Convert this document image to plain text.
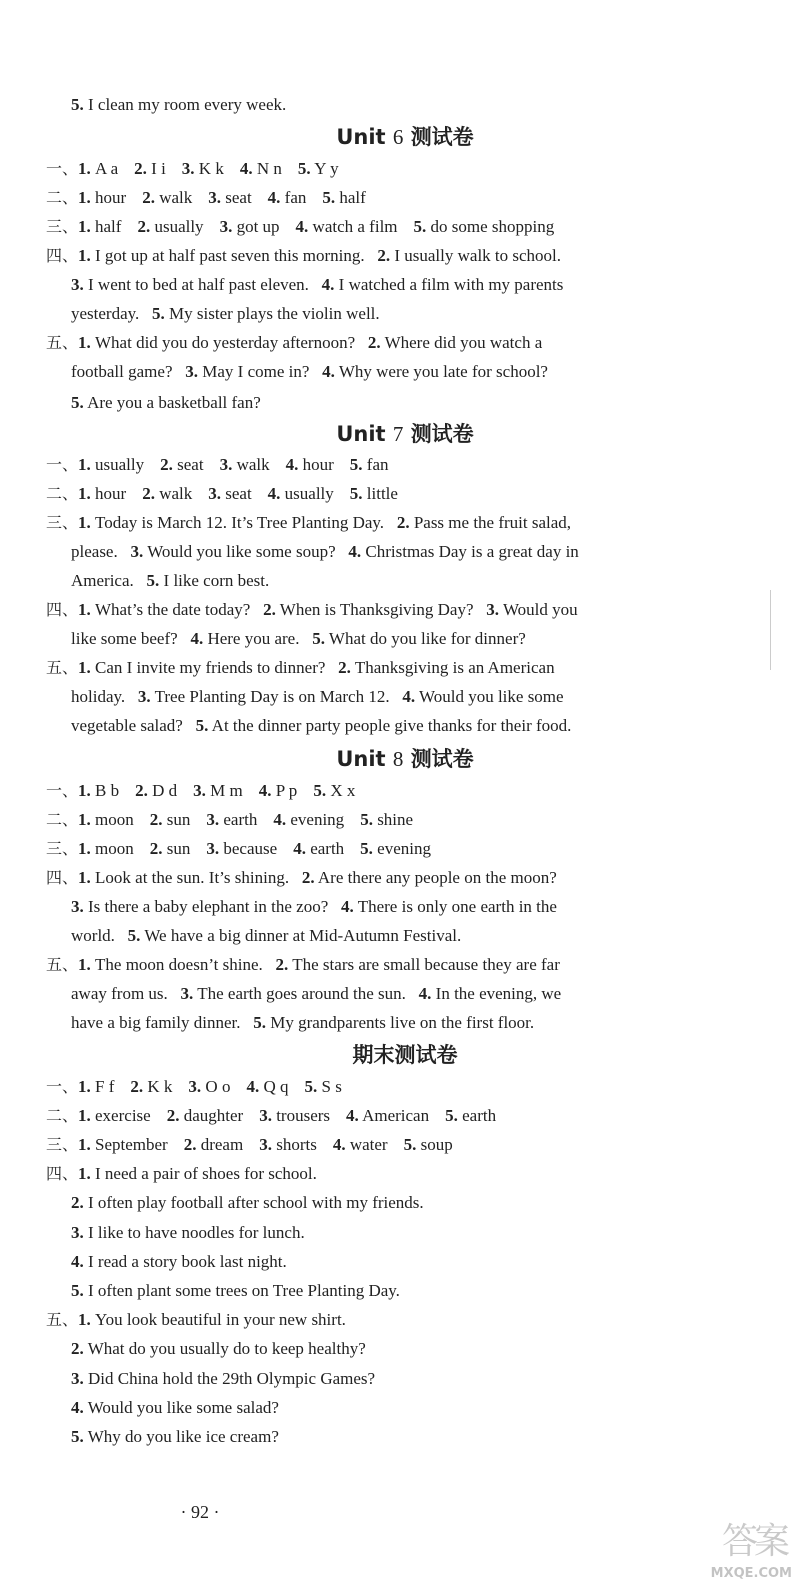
5. I clean my room every week.
Unit 6 测试卷
一、1. A a 2. I i 3. K k 4. N n 5. Y y
二、1. hour 2. walk 3. seat 4. fan 5. half
三、1. half 2. usually 3. got up 4. watch a film 5. do some shopping
四、1. I got up at half past seven this morning. 2. I usually walk to school.
3. I went to bed at half past eleven. 4. I watched a film with my parents
yesterday. 5. My sister plays the violin well.
五、1. What did you do yesterday afternoon? 2. Where did you watch a
football game? 3. May I come in? 4. Why were you late for school?
5. Are you a basketball fan?
Unit 7 测试卷
一、1. usually 2. seat 3. walk 4. hour 5. fan
二、1. hour 2. walk 3. seat 4. usually 5. little
三、1. Today is March 12. It’s Tree Planting Day. 2. Pass me the fruit salad,
please. 3. Would you like some soup? 4. Christmas Day is a great day in
America. 5. I like corn best.
四、1. What’s the date today? 2. When is Thanksgiving Day? 3. Would you
like some beef? 4. Here you are. 5. What do you like for dinner?
五、1. Can I invite my friends to dinner? 2. Thanksgiving is an American
holiday. 3. Tree Planting Day is on March 12. 4. Would you like some
vegetable salad? 5. At the dinner party people give thanks for their food.
Unit 8 测试卷
一、1. B b 2. D d 3. M m 4. P p 5. X x
二、1. moon 2. sun 3. earth 4. evening 5. shine
三、1. moon 2. sun 3. because 4. earth 5. evening
四、1. Look at the sun. It’s shining. 2. Are there any people on the moon?
3. Is there a baby elephant in the zoo? 4. There is only one earth in the
world. 5. We have a big dinner at Mid-Autumn Festival.
五、1. The moon doesn’t shine. 2. The stars are small because they are far
away from us. 3. The earth goes around the sun. 4. In the evening, we
have a big family dinner. 5. My grandparents live on the first floor.
期末测试卷
一、1. F f 2. K k 3. O o 4. Q q 5. S s
二、1. exercise 2. daughter 3. trousers 4. American 5. earth
三、1. September 2. dream 3. shorts 4. water 5. soup
四、1. I need a pair of shoes for school.
2. I often play football after school with my friends.
3. I like to have noodles for lunch.
4. I read a story book last night.
5. I often plant some trees on Tree Planting Day.
五、1. You look beautiful in your new shirt.
2. What do you usually do to keep healthy?
3. Did China hold the 29th Olympic Games?
4. Would you like some salad?
5. Why do you like ice cream?
· 92 ·
答案
MXQE.COM
